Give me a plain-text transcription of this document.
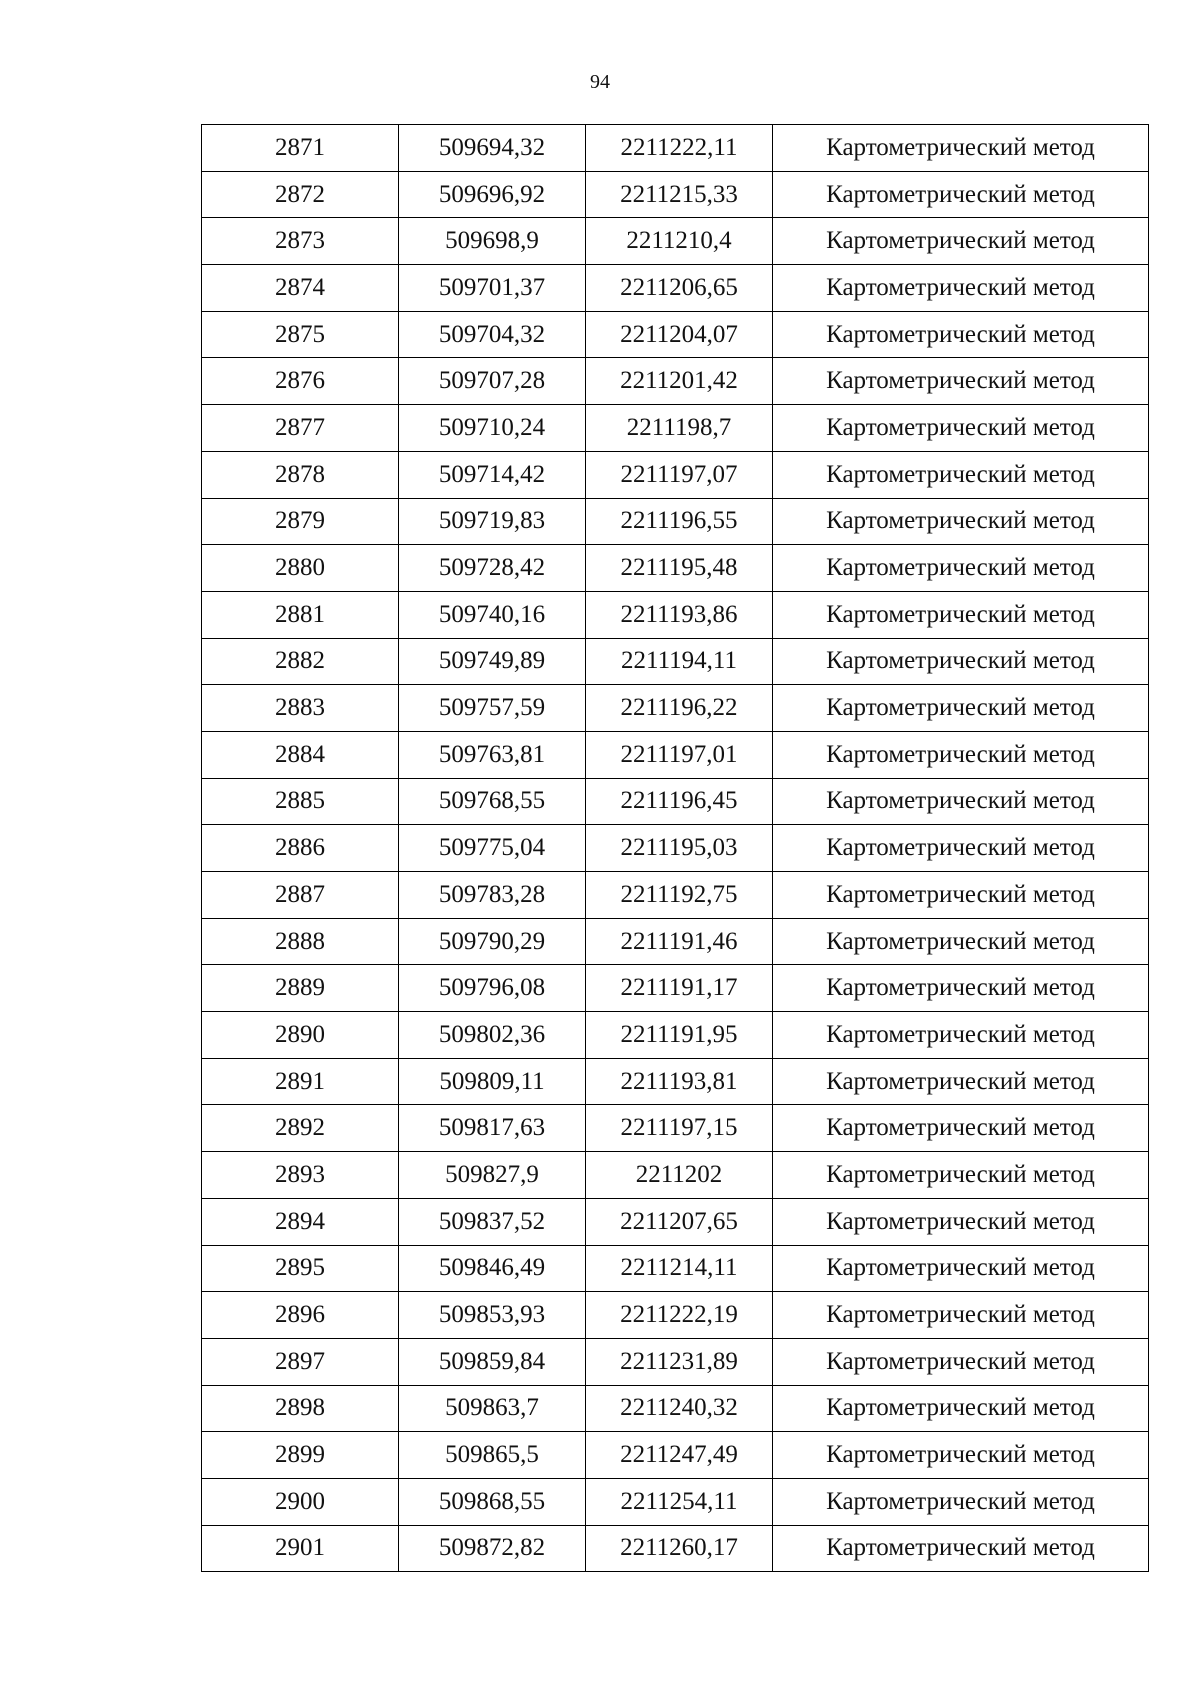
94
2871	509694,32	2211222,11	Картометрический метод
2872	509696,92	2211215,33	Картометрический метод
2873	509698,9	2211210,4	Картометрический метод
2874	509701,37	2211206,65	Картометрический метод
2875	509704,32	2211204,07	Картометрический метод
2876	509707,28	2211201,42	Картометрический метод
2877	509710,24	2211198,7	Картометрический метод
2878	509714,42	2211197,07	Картометрический метод
2879	509719,83	2211196,55	Картометрический метод
2880	509728,42	2211195,48	Картометрический метод
2881	509740,16	2211193,86	Картометрический метод
2882	509749,89	2211194,11	Картометрический метод
2883	509757,59	2211196,22	Картометрический метод
2884	509763,81	2211197,01	Картометрический метод
2885	509768,55	2211196,45	Картометрический метод
2886	509775,04	2211195,03	Картометрический метод
2887	509783,28	2211192,75	Картометрический метод
2888	509790,29	2211191,46	Картометрический метод
2889	509796,08	2211191,17	Картометрический метод
2890	509802,36	2211191,95	Картометрический метод
2891	509809,11	2211193,81	Картометрический метод
2892	509817,63	2211197,15	Картометрический метод
2893	509827,9	2211202	Картометрический метод
2894	509837,52	2211207,65	Картометрический метод
2895	509846,49	2211214,11	Картометрический метод
2896	509853,93	2211222,19	Картометрический метод
2897	509859,84	2211231,89	Картометрический метод
2898	509863,7	2211240,32	Картометрический метод
2899	509865,5	2211247,49	Картометрический метод
2900	509868,55	2211254,11	Картометрический метод
2901	509872,82	2211260,17	Картометрический метод
